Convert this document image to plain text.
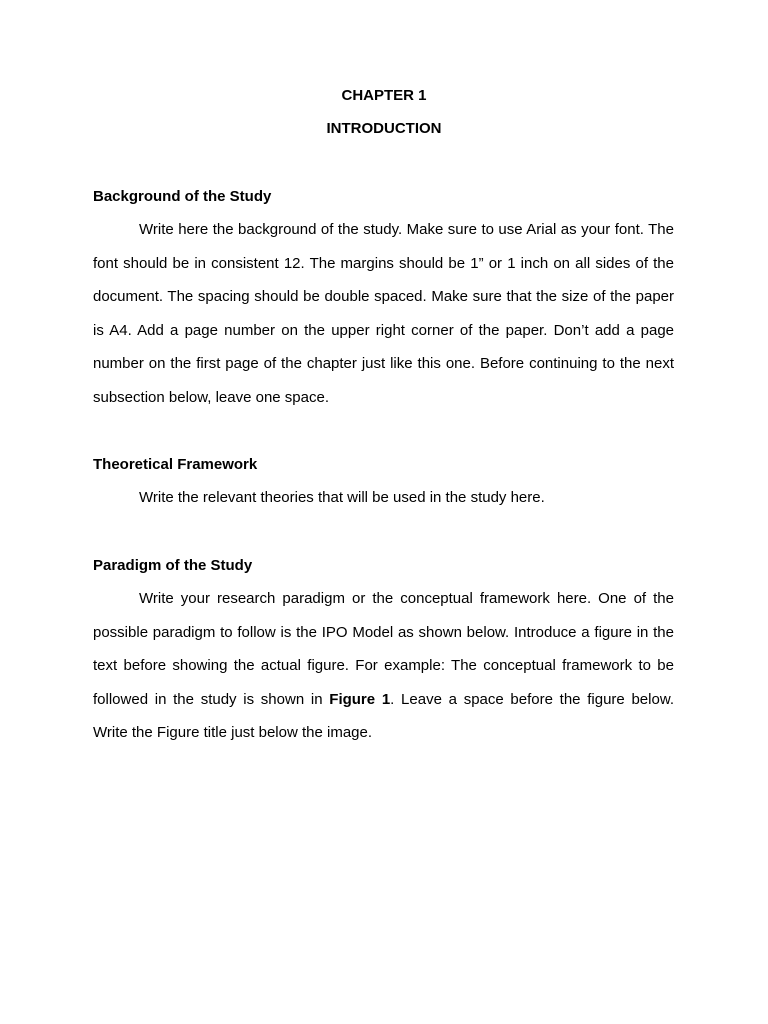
CHAPTER 1
INTRODUCTION
Background of the Study

Write here the background of the study. Make sure to use Arial as your font. The font should be in consistent 12. The margins should be 1” or 1 inch on all sides of the document. The spacing should be double spaced. Make sure that the size of the paper is A4. Add a page number on the upper right corner of the paper. Don’t add a page number on the first page of the chapter just like this one. Before continuing to the next subsection below, leave one space.

Theoretical Framework

Write the relevant theories that will be used in the study here.

Paradigm of the Study

Write your research paradigm or the conceptual framework here. One of the possible paradigm to follow is the IPO Model as shown below. Introduce a figure in the text before showing the actual figure. For example: The conceptual framework to be followed in the study is shown in Figure 1. Leave a space before the figure below. Write the Figure title just below the image.
